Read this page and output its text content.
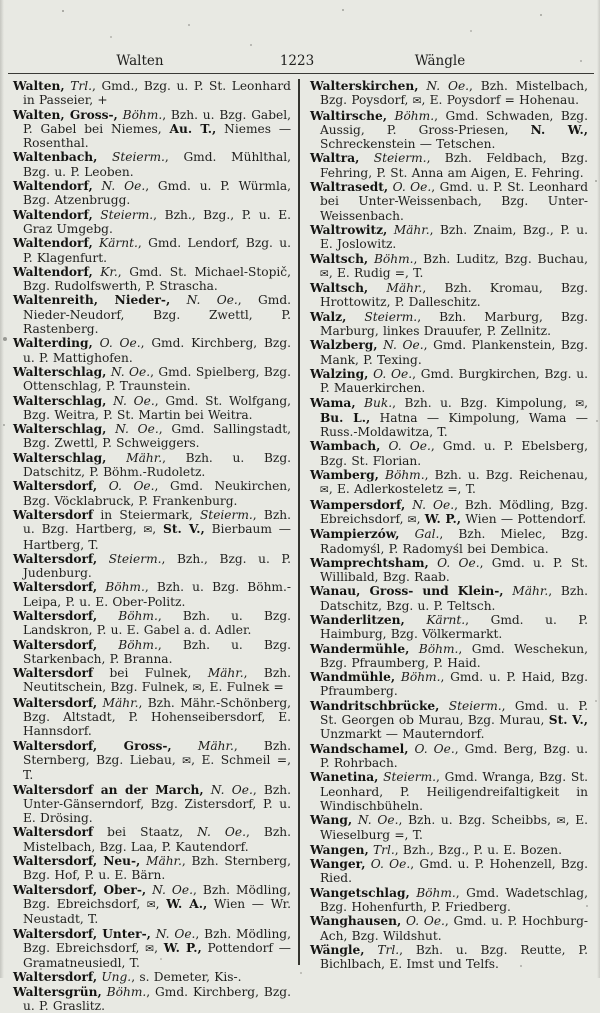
Walten	1223	Wängle

Walten, Trl., Gmd., Bzg. u. P. St. Leonhard in Passeier, +

Walten, Gross-, Böhm., Bzh. u. Bzg. Gabel, P. Gabel bei Niemes, Au. T., Niemes — Rosenthal.

Waltenbach, Steierm., Gmd. Mühlthal, Bzg. u. P. Leoben.

Waltendorf, N. Oe., Gmd. u. P. Würmla, Bzg. Atzenbrugg.

Waltendorf, Steierm., Bzh., Bzg., P. u. E. Graz Umgebg.

Waltendorf, Kärnt., Gmd. Lendorf, Bzg. u. P. Klagenfurt.

Waltendorf, Kr., Gmd. St. Michael-Stopič, Bzg. Rudolfswerth, P. Strascha.

Waltenreith, Nieder-, N. Oe., Gmd. Nieder-Neudorf, Bzg. Zwettl, P. Rastenberg.

Walterding, O. Oe., Gmd. Kirchberg, Bzg. u. P. Mattighofen.

Walterschlag, N. Oe., Gmd. Spielberg, Bzg. Ottenschlag, P. Traunstein.

Walterschlag, N. Oe., Gmd. St. Wolfgang, Bzg. Weitra, P. St. Martin bei Weitra.

Walterschlag, N. Oe., Gmd. Sallingstadt, Bzg. Zwettl, P. Schweiggers.

Walterschlag, Mähr., Bzh. u. Bzg. Datschitz, P. Böhm.-Rudoletz.

Waltersdorf, O. Oe., Gmd. Neukirchen, Bzg. Vöcklabruck, P. Frankenburg.

Waltersdorf in Steiermark, Steierm., Bzh. u. Bzg. Hartberg, ✉, St. V., Bierbaum — Hartberg, T.

Waltersdorf, Steierm., Bzh., Bzg. u. P. Judenburg.

Waltersdorf, Böhm., Bzh. u. Bzg. Böhm.-Leipa, P. u. E. Ober-Politz.

Waltersdorf, Böhm., Bzh. u. Bzg. Landskron, P. u. E. Gabel a. d. Adler.

Waltersdorf, Böhm., Bzh. u. Bzg. Starkenbach, P. Branna.

Waltersdorf bei Fulnek, Mähr., Bzh. Neutitschein, Bzg. Fulnek, ✉, E. Fulnek =

Waltersdorf, Mähr., Bzh. Mähr.-Schönberg, Bzg. Altstadt, P. Hohenseibersdorf, E. Hannsdorf.

Waltersdorf, Gross-, Mähr., Bzh. Sternberg, Bzg. Liebau, ✉, E. Schmeil =, T.

Waltersdorf an der March, N. Oe., Bzh. Unter-Gänserndorf, Bzg. Zistersdorf, P. u. E. Drösing.

Waltersdorf bei Staatz, N. Oe., Bzh. Mistelbach, Bzg. Laa, P. Kautendorf.

Waltersdorf, Neu-, Mähr., Bzh. Sternberg, Bzg. Hof, P. u. E. Bärn.

Waltersdorf, Ober-, N. Oe., Bzh. Mödling, Bzg. Ebreichsdorf, ✉, W. A., Wien — Wr. Neustadt, T.

Waltersdorf, Unter-, N. Oe., Bzh. Mödling, Bzg. Ebreichsdorf, ✉, W. P., Pottendorf — Gramatneusiedl, T.

Waltersdorf, Ung., s. Demeter, Kis-.

Waltersgrün, Böhm., Gmd. Kirchberg, Bzg. u. P. Graslitz.

Walterskirchen, N. Oe., Bzh. Mistelbach, Bzg. Poysdorf, ✉, E. Poysdorf = Hohenau.

Waltirsche, Böhm., Gmd. Schwaden, Bzg. Aussig, P. Gross-Priesen, N. W., Schreckenstein — Tetschen.

Waltra, Steierm., Bzh. Feldbach, Bzg. Fehring, P. St. Anna am Aigen, E. Fehring.

Waltrasedt, O. Oe., Gmd. u. P. St. Leonhard bei Unter-Weissenbach, Bzg. Unter-Weissenbach.

Waltrowitz, Mähr., Bzh. Znaim, Bzg., P. u. E. Joslowitz.

Waltsch, Böhm., Bzh. Luditz, Bzg. Buchau, ✉, E. Rudig =, T.

Waltsch, Mähr., Bzh. Kromau, Bzg. Hrottowitz, P. Dalleschitz.

Walz, Steierm., Bzh. Marburg, Bzg. Marburg, linkes Drauufer, P. Zellnitz.

Walzberg, N. Oe., Gmd. Plankenstein, Bzg. Mank, P. Texing.

Walzing, O. Oe., Gmd. Burgkirchen, Bzg. u. P. Mauerkirchen.

Wama, Buk., Bzh. u. Bzg. Kimpolung, ✉, Bu. L., Hatna — Kimpolung, Wama — Russ.-Moldawitza, T.

Wambach, O. Oe., Gmd. u. P. Ebelsberg, Bzg. St. Florian.

Wamberg, Böhm., Bzh. u. Bzg. Reichenau, ✉, E. Adlerkosteletz =, T.

Wampersdorf, N. Oe., Bzh. Mödling, Bzg. Ebreichsdorf, ✉, W. P., Wien — Pottendorf.

Wampierzów, Gal., Bzh. Mielec, Bzg. Radomyśl, P. Radomyśl bei Dembica.

Wamprechtsham, O. Oe., Gmd. u. P. St. Willibald, Bzg. Raab.

Wanau, Gross- und Klein-, Mähr., Bzh. Datschitz, Bzg. u. P. Teltsch.

Wanderlitzen, Kärnt., Gmd. u. P. Haimburg, Bzg. Völkermarkt.

Wandermühle, Böhm., Gmd. Weschekun, Bzg. Pfraumberg, P. Haid.

Wandmühle, Böhm., Gmd. u. P. Haid, Bzg. Pfraumberg.

Wandritschbrücke, Steierm., Gmd. u. P. St. Georgen ob Murau, Bzg. Murau, St. V., Unzmarkt — Mauterndorf.

Wandschamel, O. Oe., Gmd. Berg, Bzg. u. P. Rohrbach.

Wanetina, Steierm., Gmd. Wranga, Bzg. St. Leonhard, P. Heiligendreifaltigkeit in Windischbüheln.

Wang, N. Oe., Bzh. u. Bzg. Scheibbs, ✉, E. Wieselburg =, T.

Wangen, Trl., Bzh., Bzg., P. u. E. Bozen.

Wanger, O. Oe., Gmd. u. P. Hohenzell, Bzg. Ried.

Wangetschlag, Böhm., Gmd. Wadetschlag, Bzg. Hohenfurth, P. Friedberg.

Wanghausen, O. Oe., Gmd. u. P. Hochburg-Ach, Bzg. Wildshut.

Wängle, Trl., Bzh. u. Bzg. Reutte, P. Bichlbach, E. Imst und Telfs.
